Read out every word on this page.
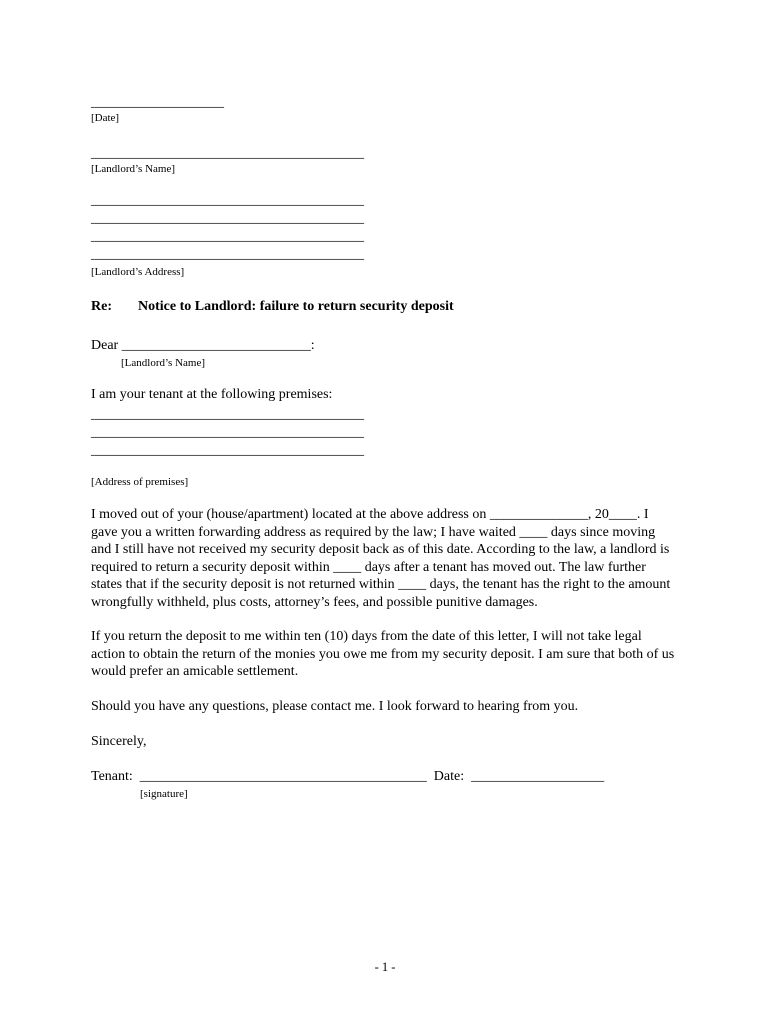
___________________
[Date]
_______________________________________
[Landlord’s Name]
_______________________________________
_______________________________________
_______________________________________
_______________________________________
[Landlord’s Address]
Re: Notice to Landlord: failure to return security deposit
Dear ___________________________:
[Landlord’s Name]
I am your tenant at the following premises:
_______________________________________
_______________________________________
_______________________________________
[Address of premises]

I moved out of your (house/apartment) located at the above address on ______________, 20____. I gave you a written forwarding address as required by the law; I have waited ____ days since moving and I still have not received my security deposit back as of this date. According to the law, a landlord is required to return a security deposit within ____ days after a tenant has moved out. The law further states that if the security deposit is not returned within ____ days, the tenant has the right to the amount wrongfully withheld, plus costs, attorney’s fees, and possible punitive damages.

If you return the deposit to me within ten (10) days from the date of this letter, I will not take legal action to obtain the return of the monies you owe me from my security deposit. I am sure that both of us would prefer an amicable settlement.

Should you have any questions, please contact me. I look forward to hearing from you.

Sincerely,
Tenant: _________________________________________ Date: ___________________
[signature]
- 1 -
